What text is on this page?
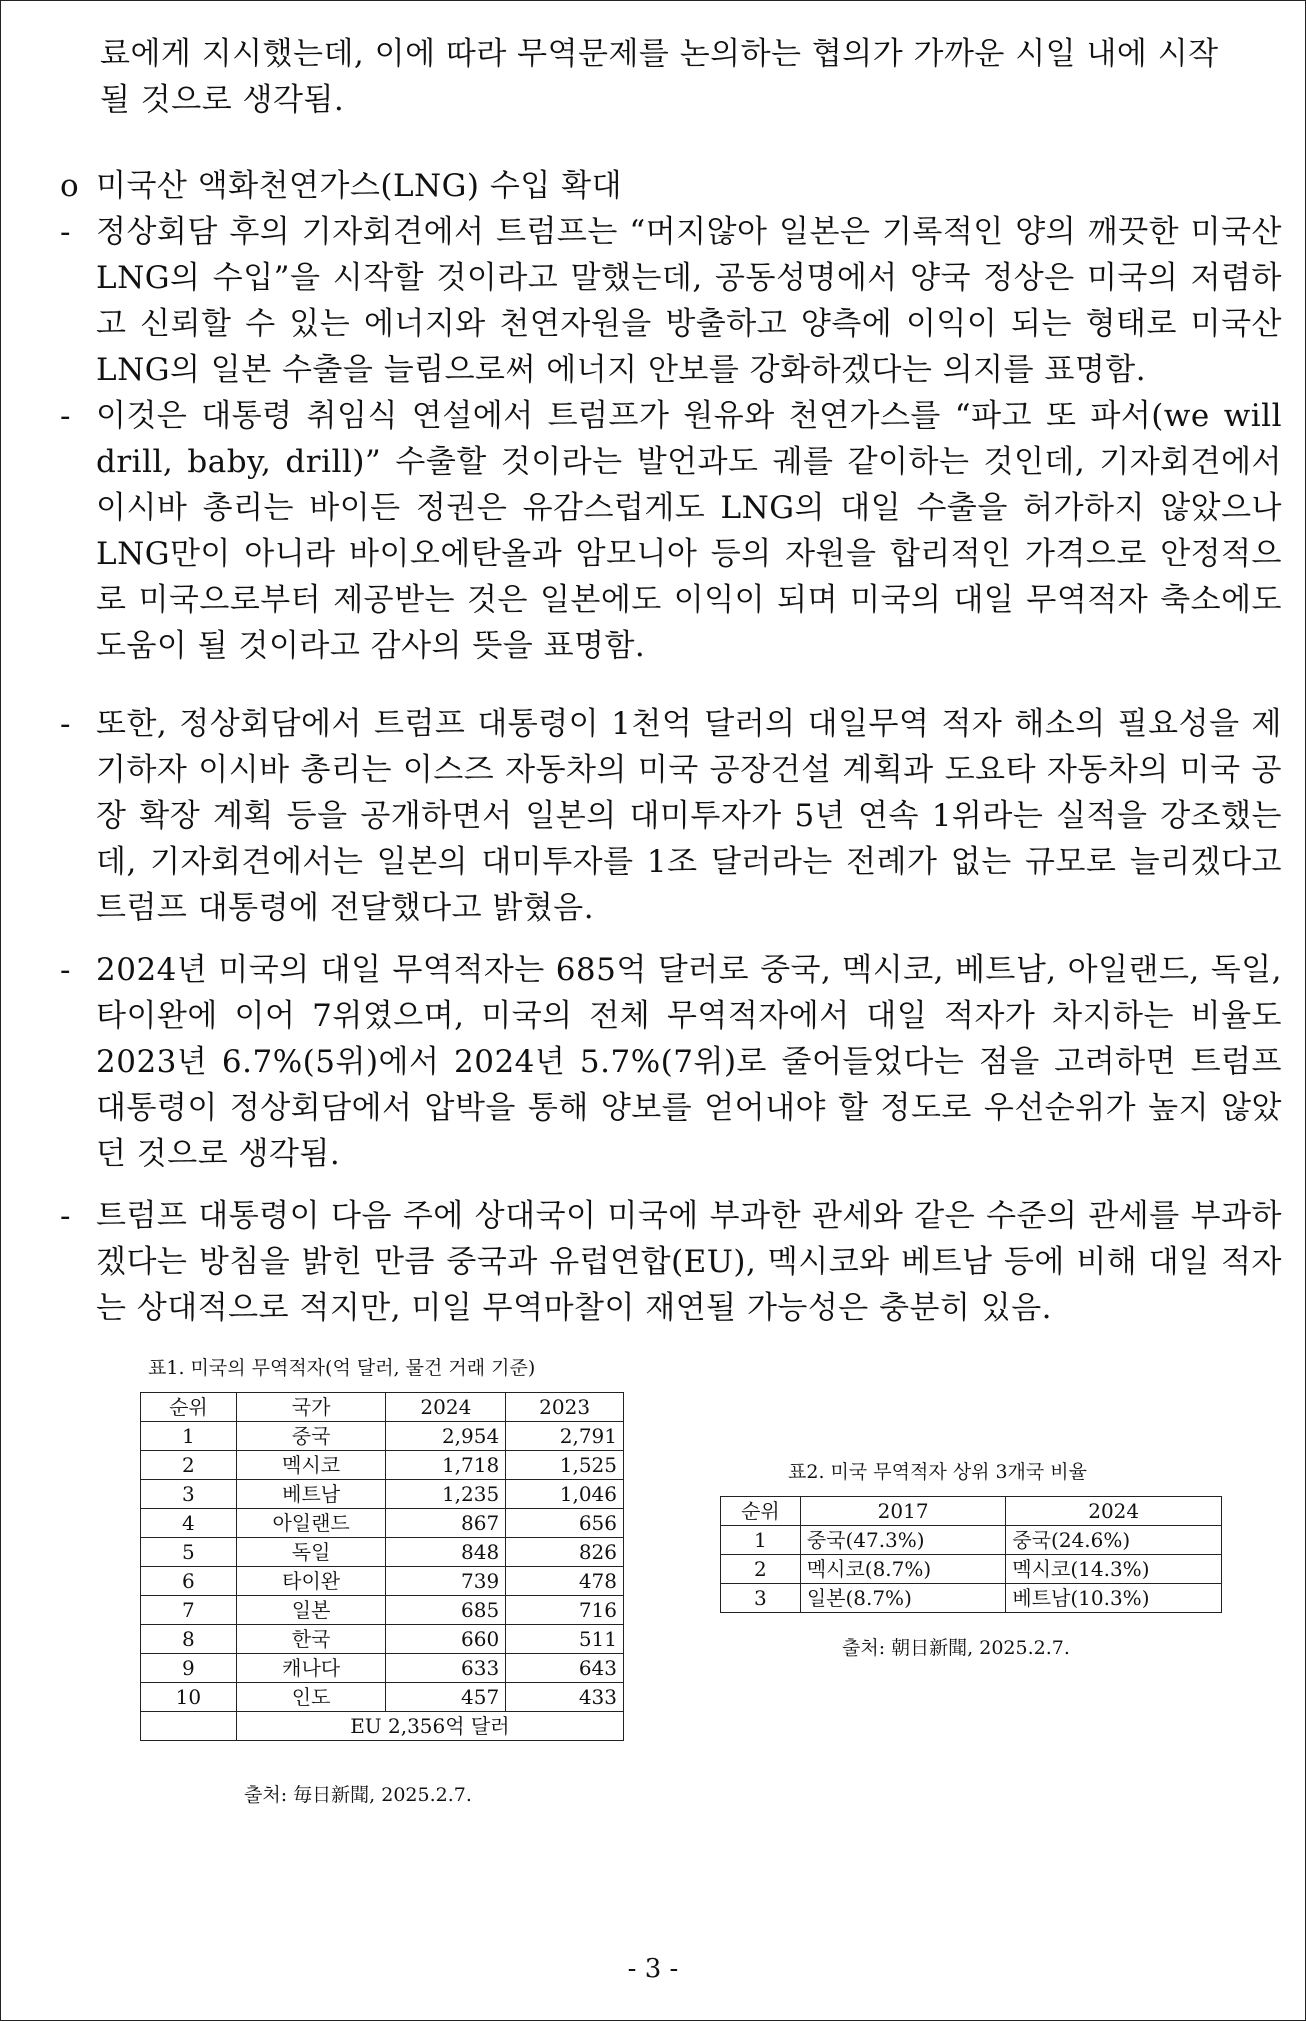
료에게 지시했는데, 이에 따라 무역문제를 논의하는 협의가 가까운 시일 내에 시작
될 것으로 생각됨.
o 미국산 액화천연가스(LNG) 수입 확대
- 정상회담 후의 기자회견에서 트럼프는 “머지않아 일본은 기록적인 양의 깨끗한 미국산 LNG의 수입”을 시작할 것이라고 말했는데, 공동성명에서 양국 정상은 미국의 저렴하고 신뢰할 수 있는 에너지와 천연자원을 방출하고 양측에 이익이 되는 형태로 미국산 LNG의 일본 수출을 늘림으로써 에너지 안보를 강화하겠다는 의지를 표명함.
- 이것은 대통령 취임식 연설에서 트럼프가 원유와 천연가스를 “파고 또 파서(we will drill, baby, drill)” 수출할 것이라는 발언과도 궤를 같이하는 것인데, 기자회견에서 이시바 총리는 바이든 정권은 유감스럽게도 LNG의 대일 수출을 허가하지 않았으나 LNG만이 아니라 바이오에탄올과 암모니아 등의 자원을 합리적인 가격으로 안정적으로 미국으로부터 제공받는 것은 일본에도 이익이 되며 미국의 대일 무역적자 축소에도 도움이 될 것이라고 감사의 뜻을 표명함.
- 또한, 정상회담에서 트럼프 대통령이 1천억 달러의 대일무역 적자 해소의 필요성을 제기하자 이시바 총리는 이스즈 자동차의 미국 공장건설 계획과 도요타 자동차의 미국 공장 확장 계획 등을 공개하면서 일본의 대미투자가 5년 연속 1위라는 실적을 강조했는데, 기자회견에서는 일본의 대미투자를 1조 달러라는 전례가 없는 규모로 늘리겠다고 트럼프 대통령에 전달했다고 밝혔음.
- 2024년 미국의 대일 무역적자는 685억 달러로 중국, 멕시코, 베트남, 아일랜드, 독일, 타이완에 이어 7위였으며, 미국의 전체 무역적자에서 대일 적자가 차지하는 비율도 2023년 6.7%(5위)에서 2024년 5.7%(7위)로 줄어들었다는 점을 고려하면 트럼프 대통령이 정상회담에서 압박을 통해 양보를 얻어내야 할 정도로 우선순위가 높지 않았던 것으로 생각됨.
- 트럼프 대통령이 다음 주에 상대국이 미국에 부과한 관세와 같은 수준의 관세를 부과하겠다는 방침을 밝힌 만큼 중국과 유럽연합(EU), 멕시코와 베트남 등에 비해 대일 적자는 상대적으로 적지만, 미일 무역마찰이 재연될 가능성은 충분히 있음.
표1. 미국의 무역적자(억 달러, 물건 거래 기준)
순위	국가	2024	2023
1	중국	2,954	2,791
2	멕시코	1,718	1,525
3	베트남	1,235	1,046
4	아일랜드	867	656
5	독일	848	826
6	타이완	739	478
7	일본	685	716
8	한국	660	511
9	캐나다	633	643
10	인도	457	433
	EU 2,356억 달러		
출처: 毎日新聞, 2025.2.7.
표2. 미국 무역적자 상위 3개국 비율
순위	2017	2024
1	중국(47.3%)	중국(24.6%)
2	멕시코(8.7%)	멕시코(14.3%)
3	일본(8.7%)	베트남(10.3%)
출처: 朝日新聞, 2025.2.7.
- 3 -
